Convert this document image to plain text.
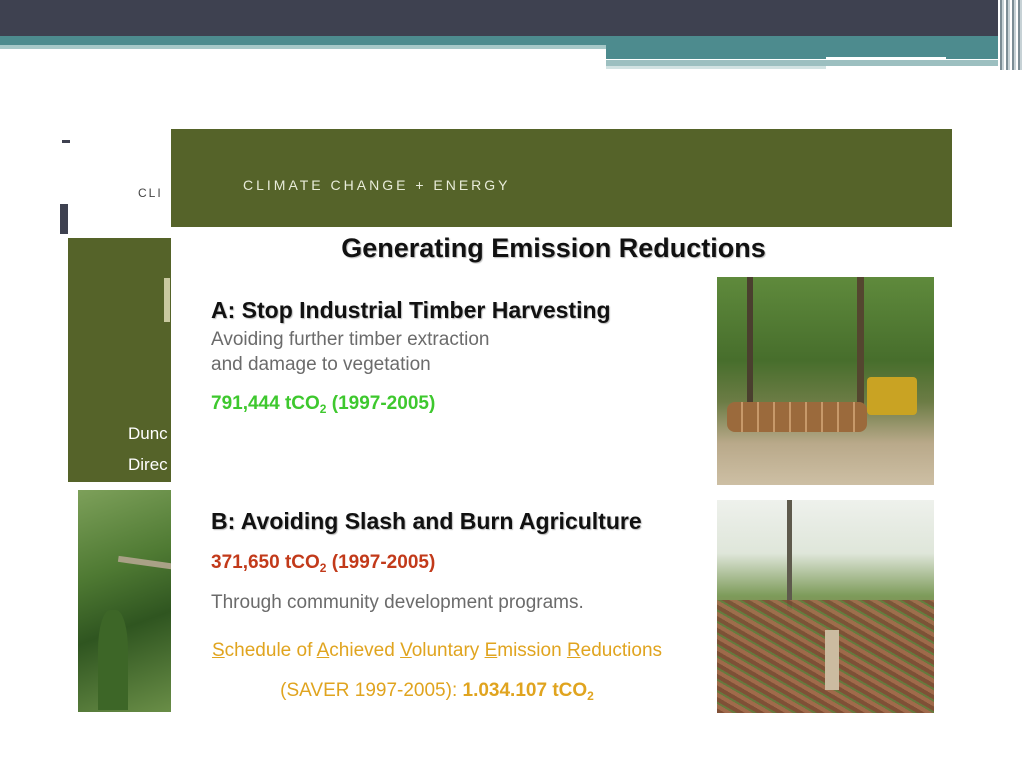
CLI
Dunc
Direc
CLIMATE CHANGE + ENERGY
Generating Emission Reductions
A: Stop Industrial Timber Harvesting
Avoiding further timber extraction
and damage to vegetation
791,444 tCO$_2$ (1997-2005)
B: Avoiding Slash and Burn Agriculture
371,650 tCO$_2$ (1997-2005)
Through community development programs.
Schedule of Achieved Voluntary Emission Reductions
(SAVER 1997-2005): 1.034.107 tCO$_2$
